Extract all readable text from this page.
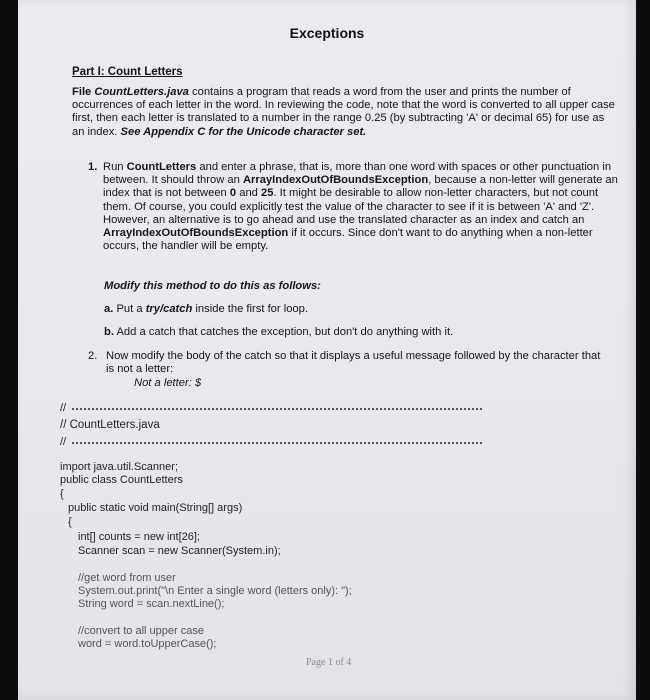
Exceptions
Part I: Count Letters
File CountLetters.java contains a program that reads a word from the user and prints the number of occurrences of each letter in the word. In reviewing the code, note that the word is converted to all upper case first, then each letter is translated to a number in the range 0.25 (by subtracting 'A' or decimal 65) for use as an index. See Appendix C for the Unicode character set.
1. Run CountLetters and enter a phrase, that is, more than one word with spaces or other punctuation in between. It should throw an ArrayIndexOutOfBoundsException, because a non-letter will generate an index that is not between 0 and 25. It might be desirable to allow non-letter characters, but not count them. Of course, you could explicitly test the value of the character to see if it is between 'A' and 'Z'. However, an alternative is to go ahead and use the translated character as an index and catch an ArrayIndexOutOfBoundsException if it occurs. Since don't want to do anything when a non-letter occurs, the handler will be empty.
Modify this method to do this as follows:
a. Put a try/catch inside the first for loop.
b. Add a catch that catches the exception, but don't do anything with it.
2. Now modify the body of the catch so that it displays a useful message followed by the character that is not a letter:
Not a letter: $
//
// CountLetters.java
//
import java.util.Scanner;
public class CountLetters
{
public static void main(String[] args)
{
int[] counts = new int[26];
Scanner scan = new Scanner(System.in);
//get word from user
System.out.print("\n Enter a single word (letters only): ");
String word = scan.nextLine();
//convert to all upper case
word = word.toUpperCase();
Page 1 of 4
